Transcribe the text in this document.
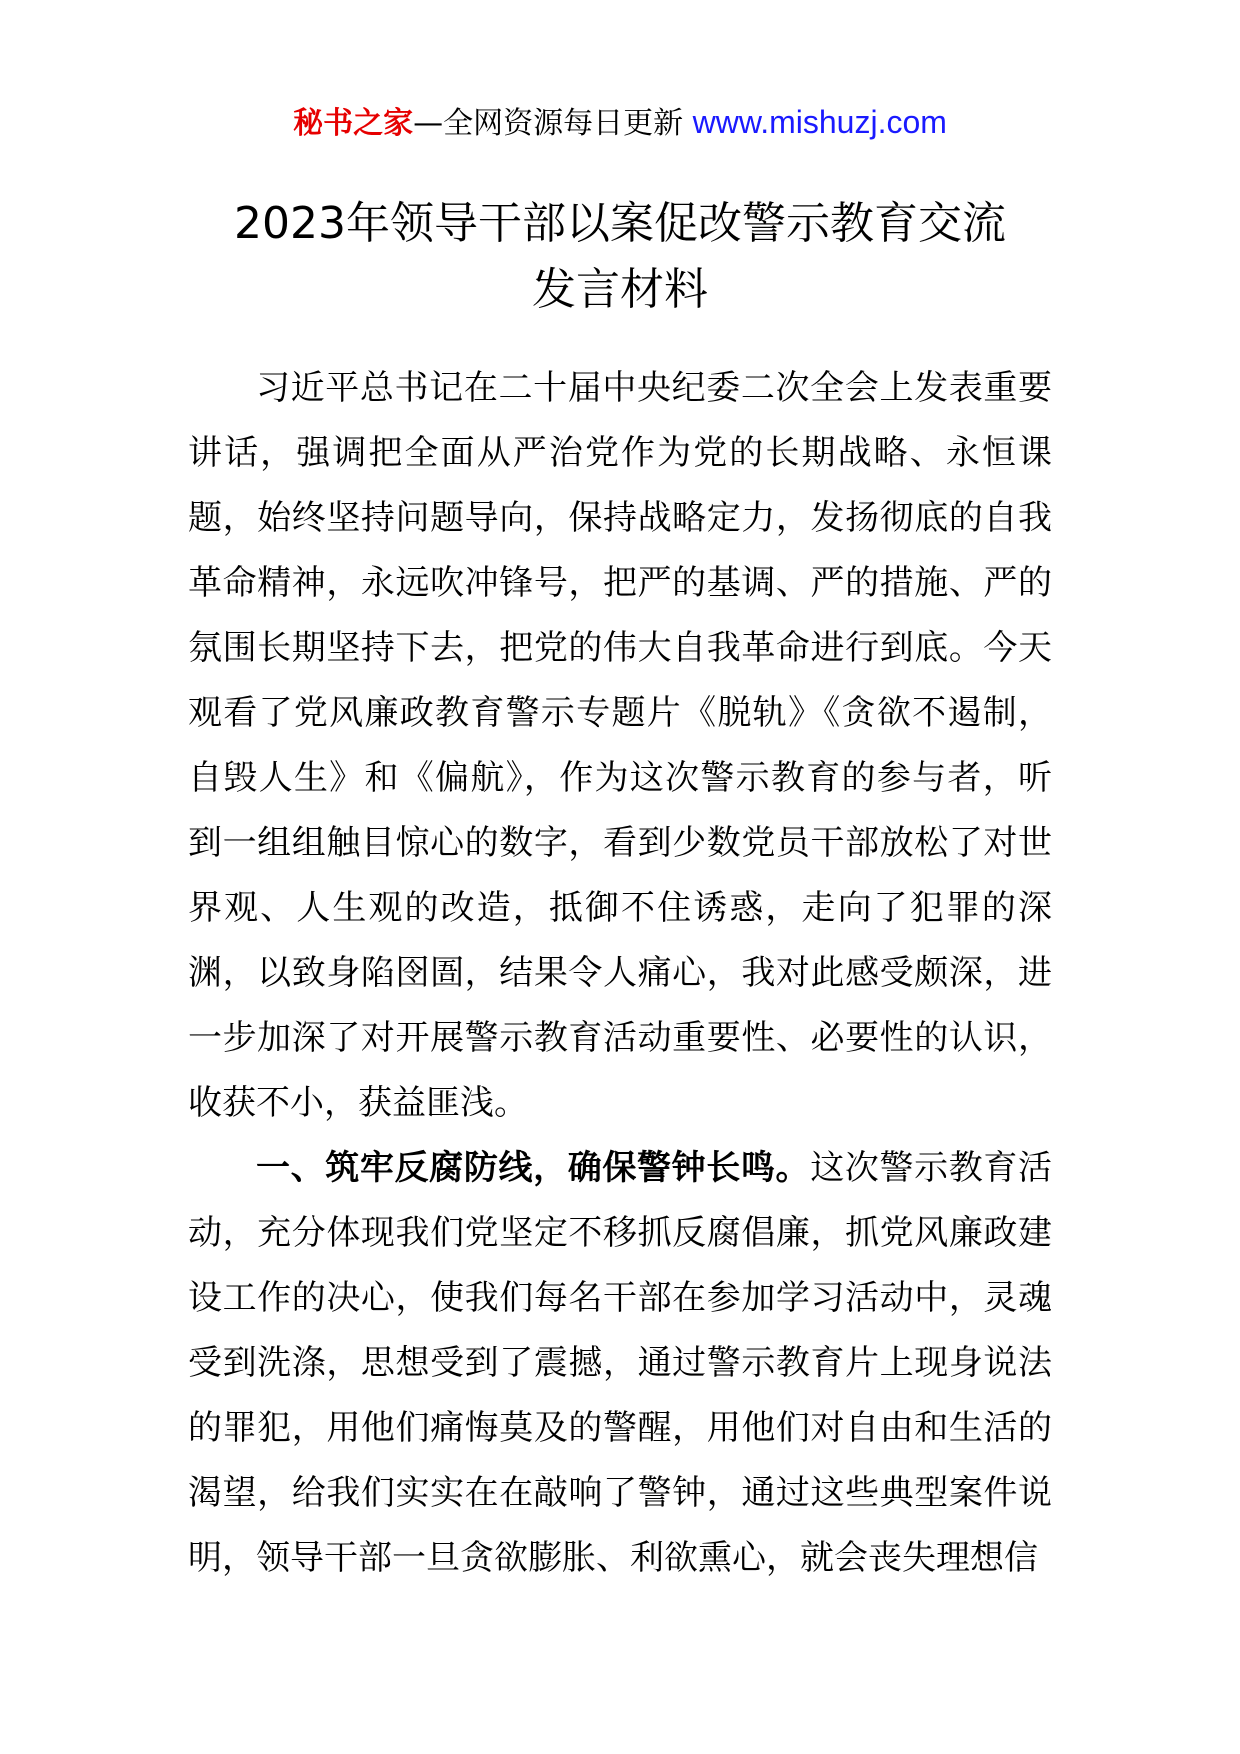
秘书之家—全网资源每日更新 www.mishuzj.com
2023年领导干部以案促改警示教育交流
发言材料

习近平总书记在二十届中央纪委二次全会上发表重要讲话，强调把全面从严治党作为党的长期战略、永恒课题，始终坚持问题导向，保持战略定力，发扬彻底的自我革命精神，永远吹冲锋号，把严的基调、严的措施、严的氛围长期坚持下去，把党的伟大自我革命进行到底。今天观看了党风廉政教育警示专题片《脱轨》《贪欲不遏制，自毁人生》和《偏航》，作为这次警示教育的参与者，听到一组组触目惊心的数字，看到少数党员干部放松了对世界观、人生观的改造，抵御不住诱惑，走向了犯罪的深渊，以致身陷囹圄，结果令人痛心，我对此感受颇深，进一步加深了对开展警示教育活动重要性、必要性的认识，收获不小，获益匪浅。

一、筑牢反腐防线，确保警钟长鸣。这次警示教育活动，充分体现我们党坚定不移抓反腐倡廉，抓党风廉政建设工作的决心，使我们每名干部在参加学习活动中，灵魂受到洗涤，思想受到了震撼，通过警示教育片上现身说法的罪犯，用他们痛悔莫及的警醒，用他们对自由和生活的渴望，给我们实实在在敲响了警钟，通过这些典型案件说明，领导干部一旦贪欲膨胀、利欲熏心，就会丧失理想信
